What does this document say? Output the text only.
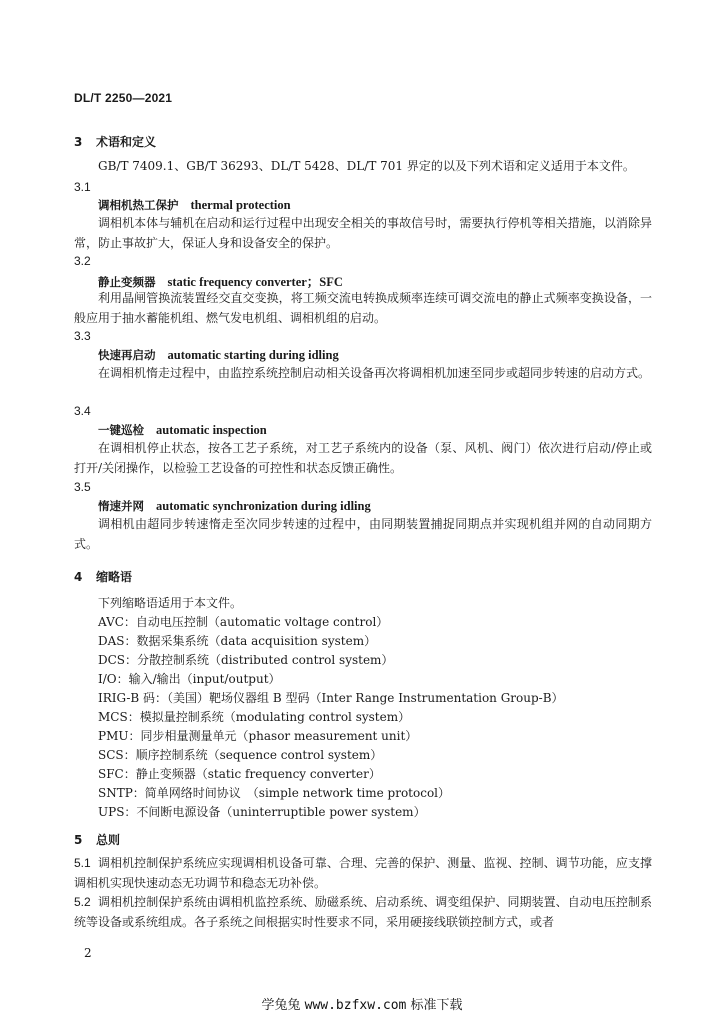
DL/T 2250—2021
3 术语和定义
GB/T 7409.1、GB/T 36293、DL/T 5428、DL/T 701 界定的以及下列术语和定义适用于本文件。
3.1
调相机热工保护 thermal protection
调相机本体与辅机在启动和运行过程中出现安全相关的事故信号时，需要执行停机等相关措施，以消除异常，防止事故扩大，保证人身和设备安全的保护。
3.2
静止变频器 static frequency converter；SFC
利用晶闸管换流装置经交直交变换，将工频交流电转换成频率连续可调交流电的静止式频率变换设备，一般应用于抽水蓄能机组、燃气发电机组、调相机组的启动。
3.3
快速再启动 automatic starting during idling
在调相机惰走过程中，由监控系统控制启动相关设备再次将调相机加速至同步或超同步转速的启动方式。
3.4
一键巡检 automatic inspection
在调相机停止状态，按各工艺子系统，对工艺子系统内的设备（泵、风机、阀门）依次进行启动/停止或打开/关闭操作，以检验工艺设备的可控性和状态反馈正确性。
3.5
惰速并网 automatic synchronization during idling
调相机由超同步转速惰走至次同步转速的过程中，由同期装置捕捉同期点并实现机组并网的自动同期方式。
4 缩略语
下列缩略语适用于本文件。
AVC：自动电压控制（automatic voltage control）
DAS：数据采集系统（data acquisition system）
DCS：分散控制系统（distributed control system）
I/O：输入/输出（input/output）
IRIG-B 码：（美国）靶场仪器组 B 型码（Inter Range Instrumentation Group-B）
MCS：模拟量控制系统（modulating control system）
PMU：同步相量测量单元（phasor measurement unit）
SCS：顺序控制系统（sequence control system）
SFC：静止变频器（static frequency converter）
SNTP：简单网络时间协议　（simple network time protocol）
UPS：不间断电源设备（uninterruptible power system）
5 总则
5.1 调相机控制保护系统应实现调相机设备可靠、合理、完善的保护、测量、监视、控制、调节功能，应支撑调相机实现快速动态无功调节和稳态无功补偿。
5.2 调相机控制保护系统由调相机监控系统、励磁系统、启动系统、调变组保护、同期装置、自动电压控制系统等设备或系统组成。各子系统之间根据实时性要求不同，采用硬接线联锁控制方式，或者
2
学兔兔 www.bzfxw.com 标准下载
